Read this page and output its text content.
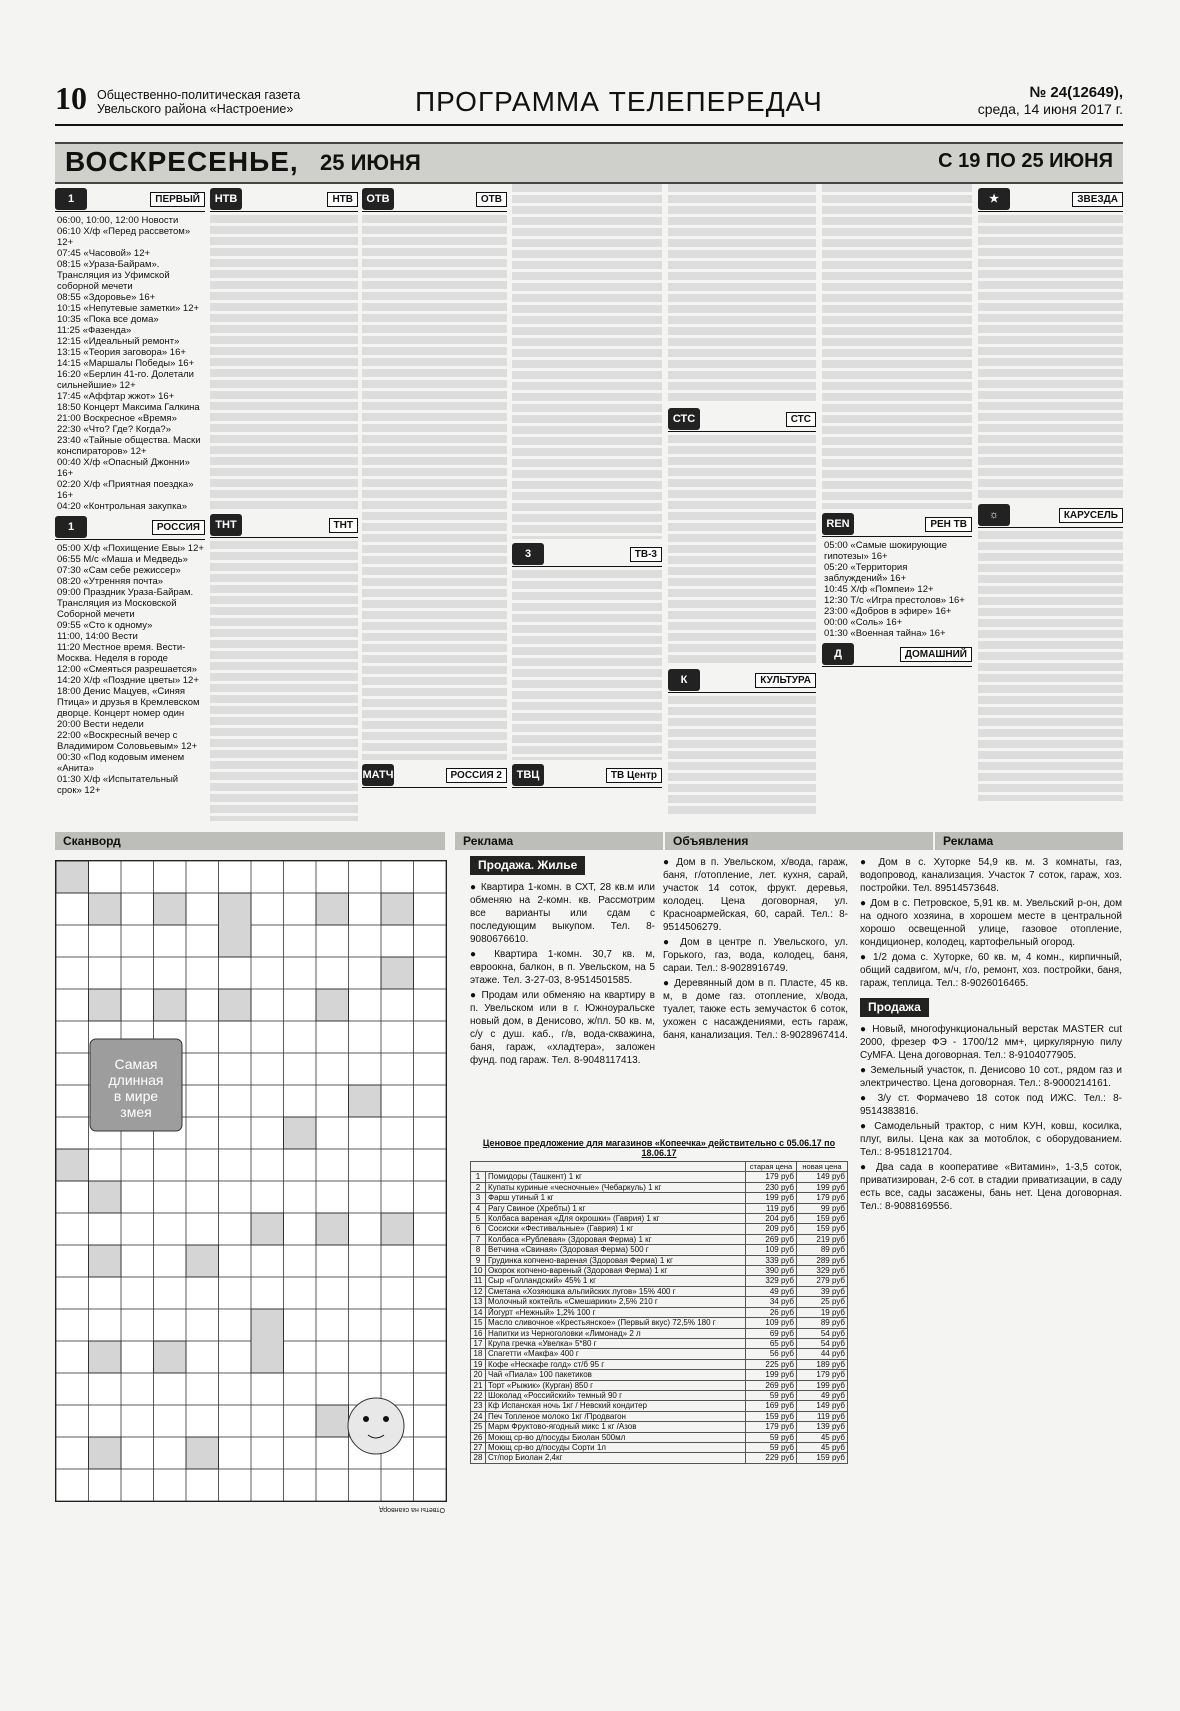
10 Общественно-политическая газета
Увельского района «Настроение»	ПРОГРАММА ТЕЛЕПЕРЕДАЧ	№ 24(12649),
среда, 14 июня 2017 г.
ВОСКРЕСЕНЬЕ, 25 ИЮНЯ	С 19 ПО 25 ИЮНЯ
1	ПЕРВЫЙ
06:00, 10:00, 12:00 Новости
06:10 Х/ф «Перед рассветом» 12+
07:45 «Часовой» 12+
08:15 «Ураза-Байрам». Трансляция из Уфимской соборной мечети
08:55 «Здоровье» 16+
10:15 «Непутевые заметки» 12+
10:35 «Пока все дома»
11:25 «Фазенда»
12:15 «Идеальный ремонт»
13:15 «Теория заговора» 16+
14:15 «Маршалы Победы» 16+
16:20 «Берлин 41-го. Долетали сильнейшие» 12+
17:45 «Аффтар жжот» 16+
18:50 Концерт Максима Галкина
21:00 Воскресное «Время»
22:30 «Что? Где? Когда?»
23:40 «Тайные общества. Маски конспираторов» 12+
00:40 Х/ф «Опасный Джонни» 16+
02:20 Х/ф «Приятная поездка» 16+
04:20 «Контрольная закупка»
1	РОССИЯ
05:00 Х/ф «Похищение Евы» 12+
06:55 М/с «Маша и Медведь»
07:30 «Сам себе режиссер»
08:20 «Утренняя почта»
09:00 Праздник Ураза-Байрам. Трансляция из Московской Соборной мечети
09:55 «Сто к одному»
11:00, 14:00 Вести
11:20 Местное время. Вести-Москва. Неделя в городе
12:00 «Смеяться разрешается»
14:20 Х/ф «Поздние цветы» 12+
18:00 Денис Мацуев, «Синяя Птица» и друзья в Кремлевском дворце. Концерт номер один
20:00 Вести недели
22:00 «Воскресный вечер с Владимиром Соловьевым» 12+
00:30 «Под кодовым именем «Анита»
01:30 Х/ф «Испытательный срок» 12+
НТВ	НТВ
ТНТ	ТНТ
ОТВ	ОТВ
МАТЧ	РОССИЯ 2
3	ТВ-3
ТВЦ	ТВ Центр
СТС	СТС
К	КУЛЬТУРА
REN	РЕН ТВ
05:00 «Самые шокирующие гипотезы» 16+
05:20 «Территория заблуждений» 16+
10:45 Х/ф «Помпеи» 12+
12:30 Т/с «Игра престолов» 16+
23:00 «Добров в эфире» 16+
00:00 «Соль» 16+
01:30 «Военная тайна» 16+
Д	ДОМАШНИЙ
★	ЗВЕЗДА
☼	КАРУСЕЛЬ
Сканворд	Реклама	Объявления	Реклама
Самая длинная в мире змея
Ответы на сканворд
Продажа. Жилье
● Квартира 1-комн. в СХТ, 28 кв.м или обменяю на 2-комн. кв. Рассмотрим все варианты или сдам с последующим выкупом. Тел. 8-9080676610.
● Квартира 1-комн. 30,7 кв. м, евроокна, балкон, в п. Увельском, на 5 этаже. Тел. 3-27-03, 8-9514501585.
● Продам или обменяю на квартиру в п. Увельском или в г. Южноуральске новый дом, в Денисово, ж/пл. 50 кв. м, с/у с душ. каб., г/в, вода-скважина, баня, гараж, «хладтера», заложен фунд. под гараж. Тел. 8-9048117413.
● Дом в п. Увельском, х/вода, гараж, баня, г/отопление, лет. кухня, сарай, участок 14 соток, фрукт. деревья, колодец. Цена договорная, ул. Красноармейская, 60, сарай. Тел.: 8-9514506279.
● Дом в центре п. Увельского, ул. Горького, газ, вода, колодец, баня, сараи. Тел.: 8-9028916749.
● Деревянный дом в п. Пласте, 45 кв. м, в доме газ. отопление, х/вода, туалет, также есть земучасток 6 соток, ухожен с насаждениями, есть гараж, баня, канализация. Тел.: 8-9028967414.
Ценовое предложение для магазинов «Копеечка» действительно с 05.06.17 по 18.06.17
		старая цена	новая цена
1	Помидоры (Ташкент) 1 кг	179 руб	149 руб
2	Купаты куриные «чесночные» (Чебаркуль) 1 кг	230 руб	199 руб
3	Фарш утиный 1 кг	199 руб	179 руб
4	Рагу Свиное (Хребты) 1 кг	119 руб	99 руб
5	Колбаса вареная «Для окрошки» (Гаврия) 1 кг	204 руб	159 руб
6	Сосиски «Фестивальные» (Гаврия) 1 кг	209 руб	159 руб
7	Колбаса «Рублевая» (Здоровая Ферма) 1 кг	269 руб	219 руб
8	Ветчина «Свиная» (Здоровая Ферма) 500 г	109 руб	89 руб
9	Грудинка копчено-вареная (Здоровая Ферма) 1 кг	339 руб	289 руб
10	Окорок копчено-вареный (Здоровая Ферма) 1 кг	390 руб	329 руб
11	Сыр «Голландский» 45% 1 кг	329 руб	279 руб
12	Сметана «Хозяюшка альпийских лугов» 15% 400 г	49 руб	39 руб
13	Молочный коктейль «Смешарики» 2,5% 210 г	34 руб	25 руб
14	Йогурт «Нежный» 1,2% 100 г	26 руб	19 руб
15	Масло сливочное «Крестьянское» (Первый вкус) 72,5% 180 г	109 руб	89 руб
16	Напитки из Черноголовки «Лимонад» 2 л	69 руб	54 руб
17	Крупа гречка «Увелка» 5*80 г	65 руб	54 руб
18	Спагетти «Макфа» 400 г	56 руб	44 руб
19	Кофе «Нескафе голд» ст/б 95 г	225 руб	189 руб
20	Чай «Пиала» 100 пакетиков	199 руб	179 руб
21	Торт «Рыжик» (Курган) 850 г	269 руб	199 руб
22	Шоколад «Российский» темный 90 г	59 руб	49 руб
23	Кф Испанская ночь 1кг / Невский кондитер	169 руб	149 руб
24	Печ Топленое молоко 1кг /Продвагон	159 руб	119 руб
25	Марм Фруктово-ягодный микс 1 кг /Азов	179 руб	139 руб
26	Моющ ср-во д/посуды Биолан 500мл	59 руб	45 руб
27	Моющ ср-во д/посуды Сорти 1л	59 руб	45 руб
28	Ст/пор Биолан 2,4кг	229 руб	159 руб
● Дом в с. Хуторке 54,9 кв. м. 3 комнаты, газ, водопровод, канализация. Участок 7 соток, гараж, хоз. постройки. Тел. 89514573648.
● Дом в с. Петровское, 5,91 кв. м. Увельский р-он, дом на одного хозяина, в хорошем месте в центральной хорошо освещенной улице, газовое отопление, кондиционер, колодец, картофельный огород.
● 1/2 дома с. Хуторке, 60 кв. м, 4 комн., кирпичный, общий садвигом, м/ч, г/о, ремонт, хоз. постройки, баня, гараж, теплица. Тел.: 8-9026016465.
Продажа
● Новый, многофункциональный верстак MASTER cut 2000, фрезер ФЭ - 1700/12 мм+, циркулярную пилу CyMFA. Цена договорная. Тел.: 8-9104077905.
● Земельный участок, п. Денисово 10 сот., рядом газ и электричество. Цена договорная. Тел.: 8-9000214161.
● 3/у ст. Формачево 18 соток под ИЖС. Тел.: 8-9514383816.
● Самодельный трактор, с ним КУН, ковш, косилка, плуг, вилы. Цена как за мотоблок, с оборудованием. Тел.: 8-9518121704.
● Два сада в кооперативе «Витамин», 1-3,5 соток, приватизирован, 2-6 сот. в стадии приватизации, в саду есть все, сады засажены, бань нет. Цена договорная. Тел.: 8-9088169556.
